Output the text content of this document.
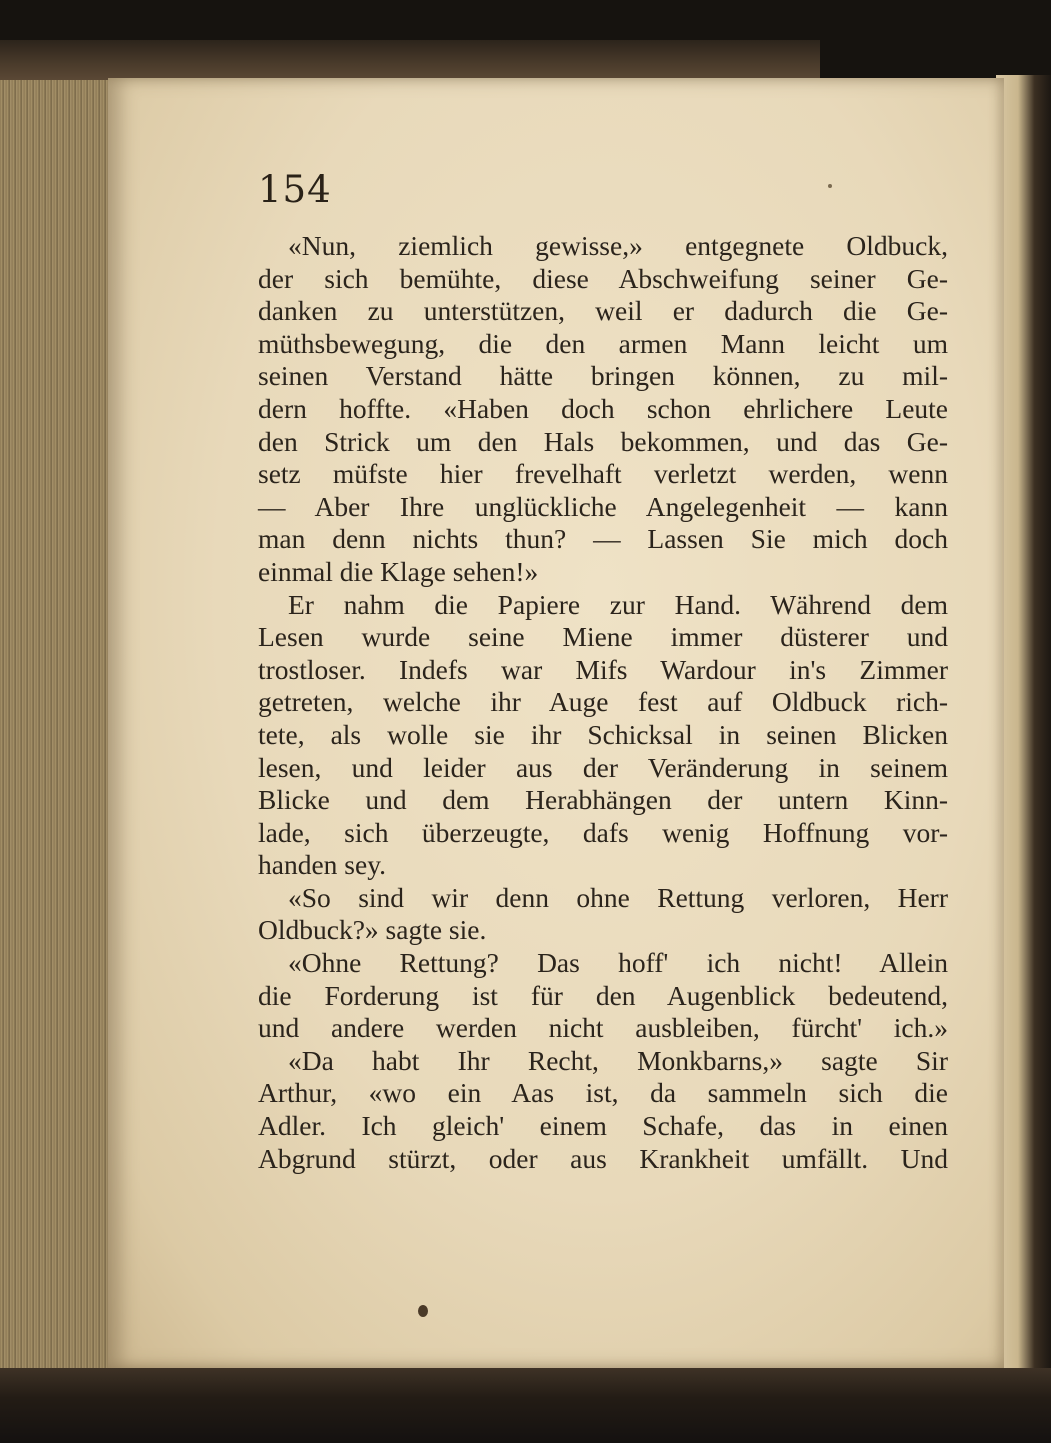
154
«Nun, ziemlich gewisse,» entgegnete Oldbuck,
der sich bemühte, diese Abschweifung seiner Ge-
danken zu unterstützen, weil er dadurch die Ge-
müthsbewegung, die den armen Mann leicht um
seinen Verstand hätte bringen können, zu mil-
dern hoffte. «Haben doch schon ehrlichere Leute
den Strick um den Hals bekommen, und das Ge-
setz müfste hier frevelhaft verletzt werden, wenn
— Aber Ihre unglückliche Angelegenheit — kann
man denn nichts thun? — Lassen Sie mich doch
einmal die Klage sehen!»
Er nahm die Papiere zur Hand. Während dem
Lesen wurde seine Miene immer düsterer und
trostloser. Indefs war Mifs Wardour in's Zimmer
getreten, welche ihr Auge fest auf Oldbuck rich-
tete, als wolle sie ihr Schicksal in seinen Blicken
lesen, und leider aus der Veränderung in seinem
Blicke und dem Herabhängen der untern Kinn-
lade, sich überzeugte, dafs wenig Hoffnung vor-
handen sey.
«So sind wir denn ohne Rettung verloren, Herr
Oldbuck?» sagte sie.
«Ohne Rettung? Das hoff' ich nicht! Allein
die Forderung ist für den Augenblick bedeutend,
und andere werden nicht ausbleiben, fürcht' ich.»
«Da habt Ihr Recht, Monkbarns,» sagte Sir
Arthur, «wo ein Aas ist, da sammeln sich die
Adler. Ich gleich' einem Schafe, das in einen
Abgrund stürzt, oder aus Krankheit umfällt. Und
